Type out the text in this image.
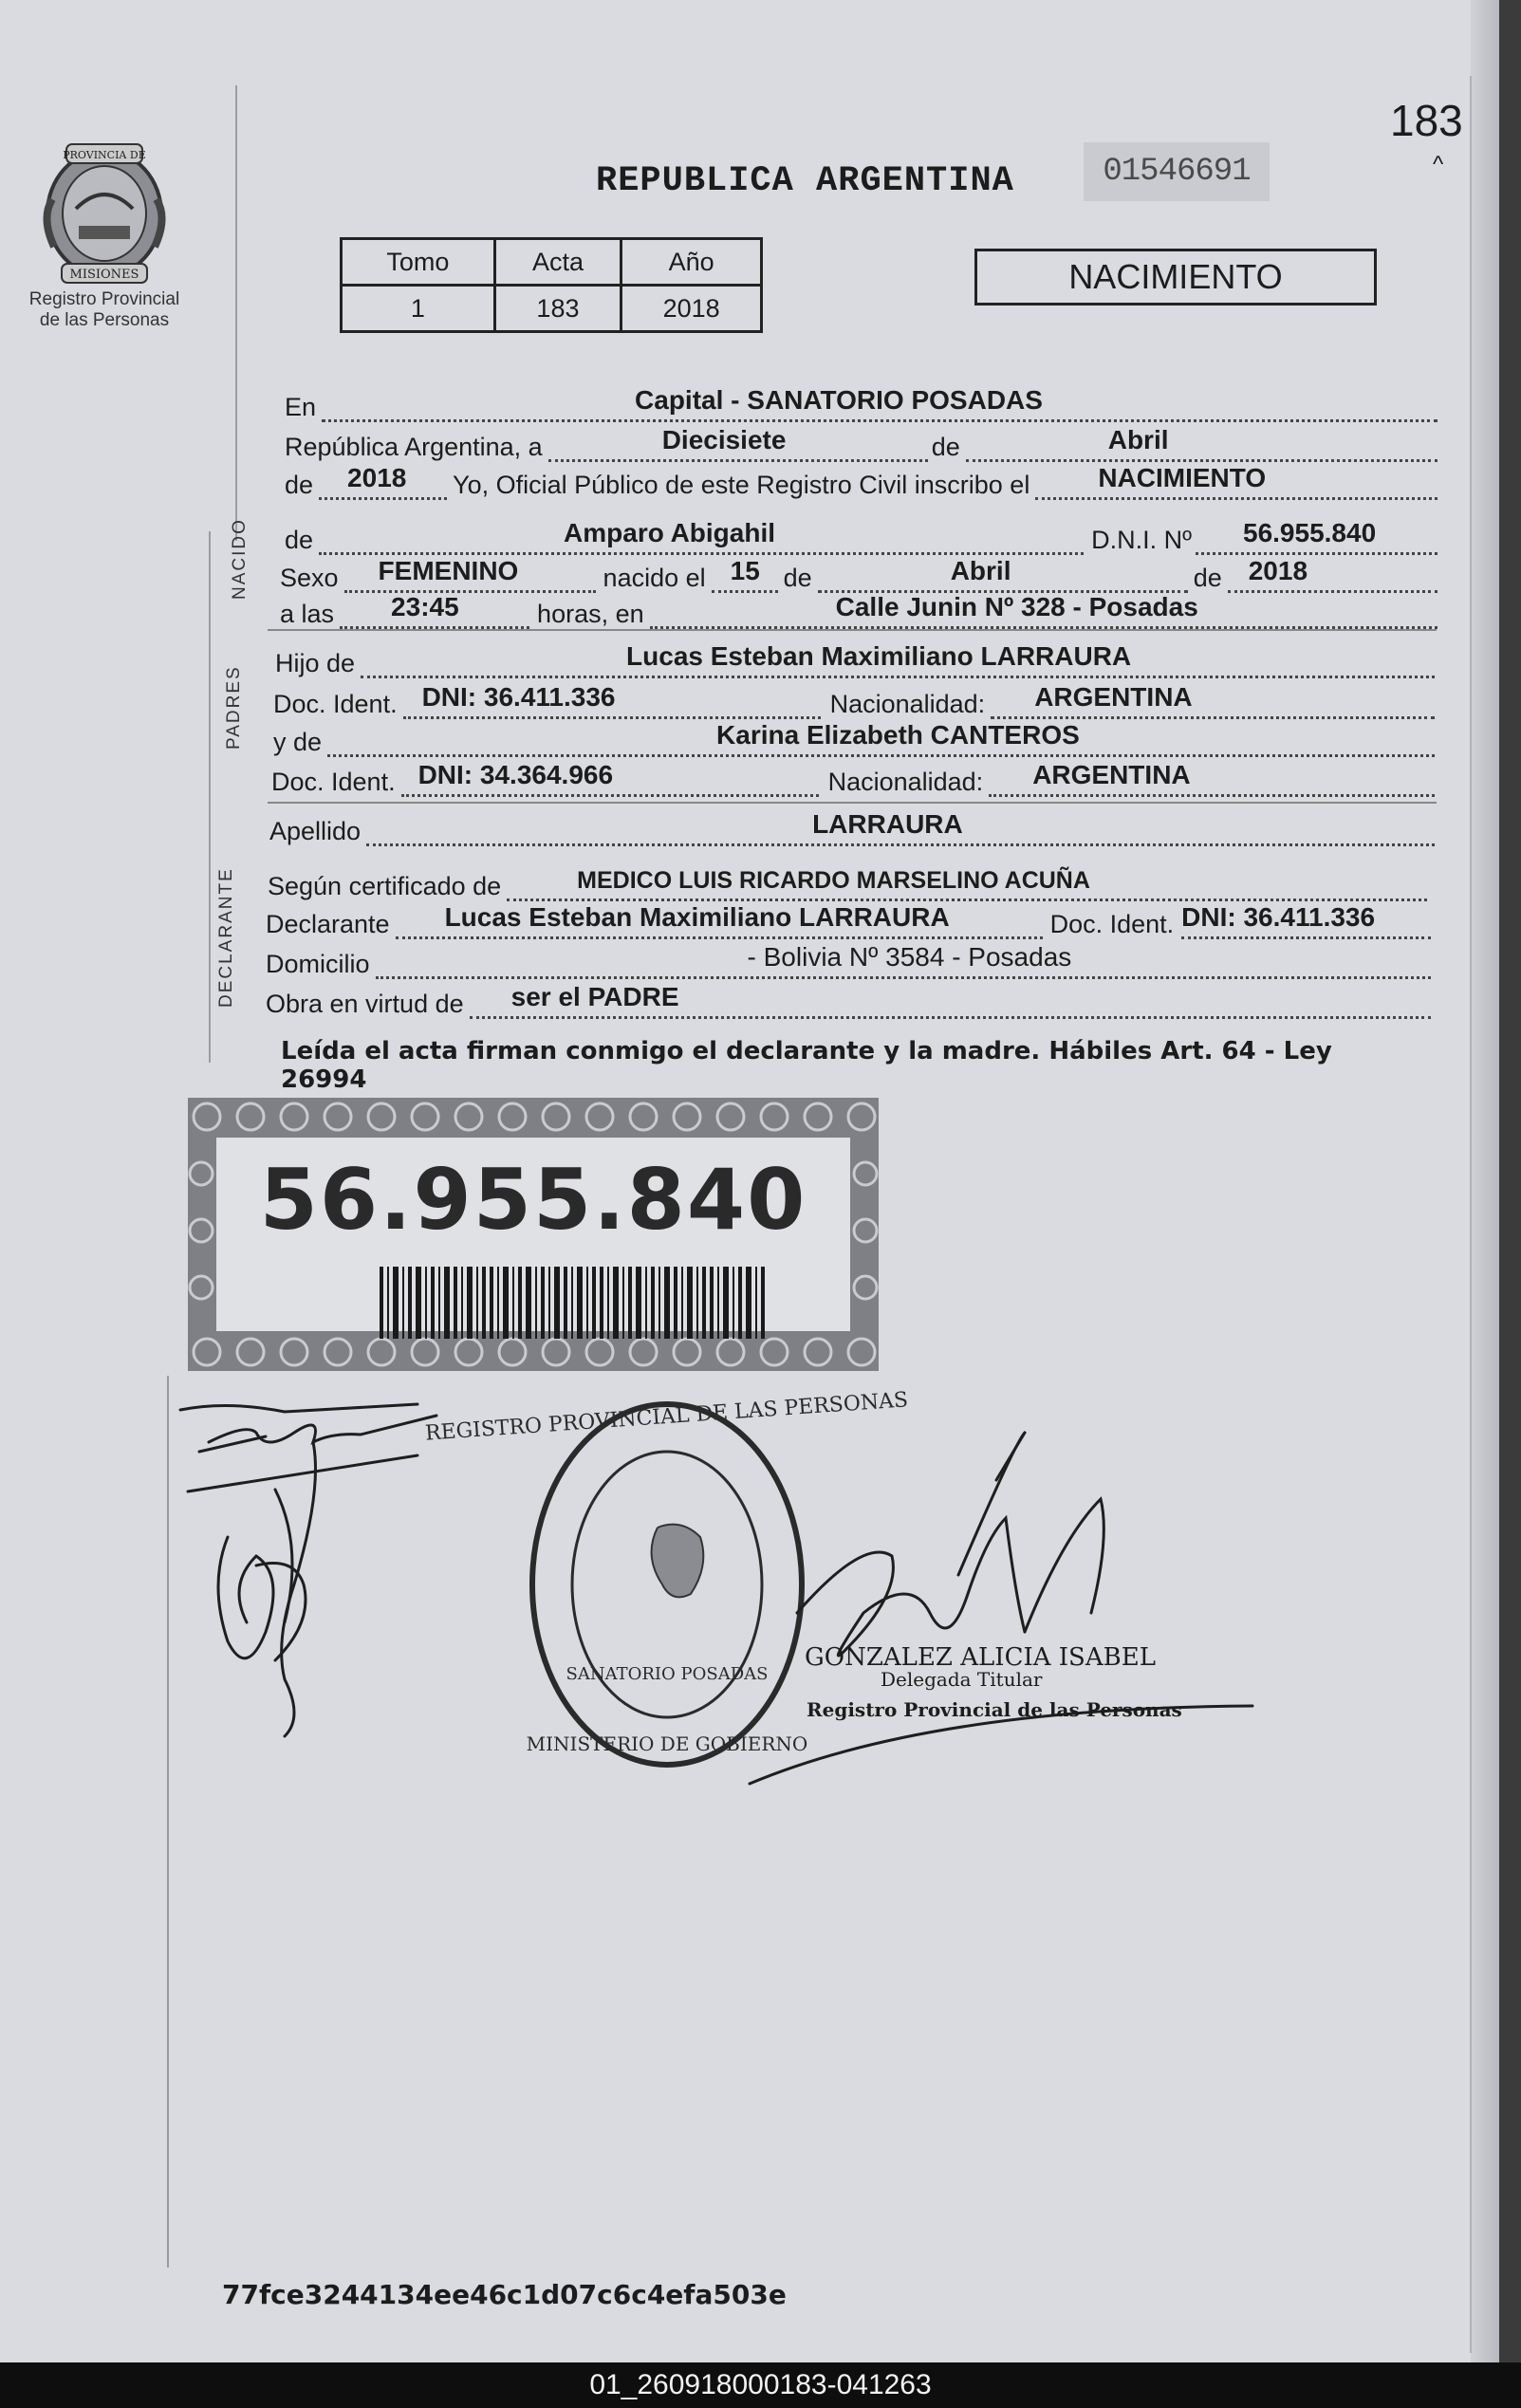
PROVINCIA DE
MISIONES
Registro Provincial
de las Personas
183
^
REPUBLICA ARGENTINA	01546691
Tomo	Acta	Año
1	183	2018
NACIMIENTO
NACIDO
PADRES
DECLARANTE
En	Capital - SANATORIO POSADAS
República Argentina, a	Diecisiete	de	Abril
de 2018 Yo, Oficial Público de este Registro Civil inscribo el	NACIMIENTO
de	Amparo Abigahil	D.N.I. Nº 56.955.840
Sexo FEMENINO	nacido el 15 de	Abril	de 2018
a las 23:45	horas, en	Calle Junin Nº 328 - Posadas
Hijo de	Lucas Esteban Maximiliano LARRAURA
Doc. Ident. DNI: 36.411.336	Nacionalidad: ARGENTINA
y de	Karina Elizabeth CANTEROS
Doc. Ident. DNI: 34.364.966	Nacionalidad: ARGENTINA
Apellido	LARRAURA
Según certificado de	MEDICO LUIS RICARDO MARSELINO ACUÑA
Declarante Lucas Esteban Maximiliano LARRAURA	Doc. Ident. DNI: 36.411.336
Domicilio	- Bolivia Nº 3584 - Posadas
Obra en virtud de ser el PADRE
Leída el acta firman conmigo el declarante y la madre. Hábiles Art. 64 - Ley 26994
56.955.840
REGISTRO PROVINCIAL DE LAS PERSONAS
SANATORIO POSADAS
MINISTERIO DE GOBIERNO
GONZALEZ ALICIA ISABEL
Delegada Titular
Registro Provincial de las Personas
77fce3244134ee46c1d07c6c4efa503e
01_260918000183-041263
